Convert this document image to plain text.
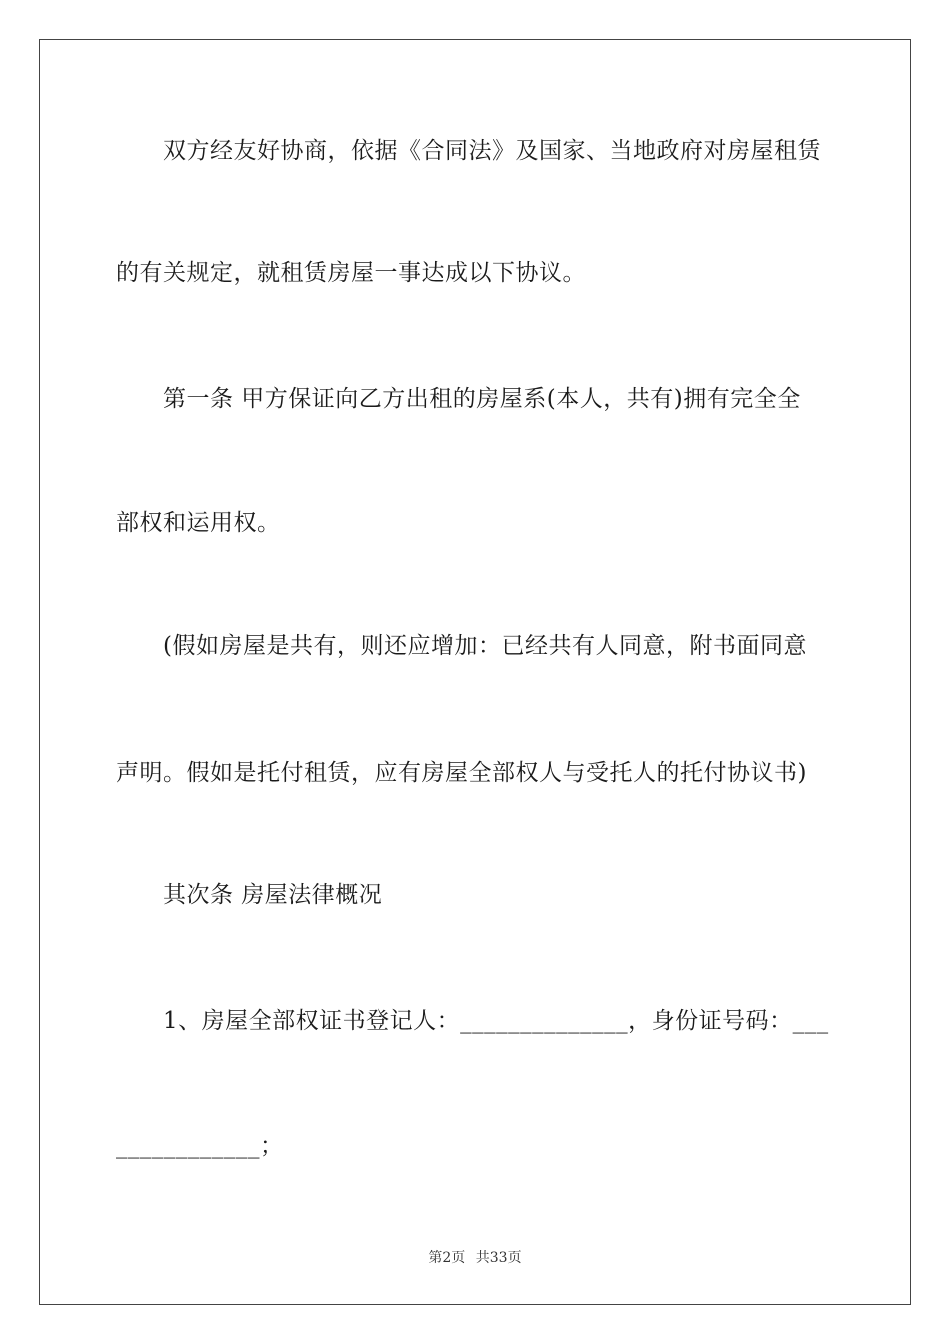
　　双方经友好协商，依据《合同法》及国家、当地政府对房屋租赁
的有关规定，就租赁房屋一事达成以下协议。
　　第一条 甲方保证向乙方出租的房屋系(本人，共有)拥有完全全
部权和运用权。
　　(假如房屋是共有，则还应增加：已经共有人同意，附书面同意
声明。假如是托付租赁，应有房屋全部权人与受托人的托付协议书)
　　其次条 房屋法律概况
　　1、房屋全部权证书登记人：______________，身份证号码：___
____________；
第2页 共33页
